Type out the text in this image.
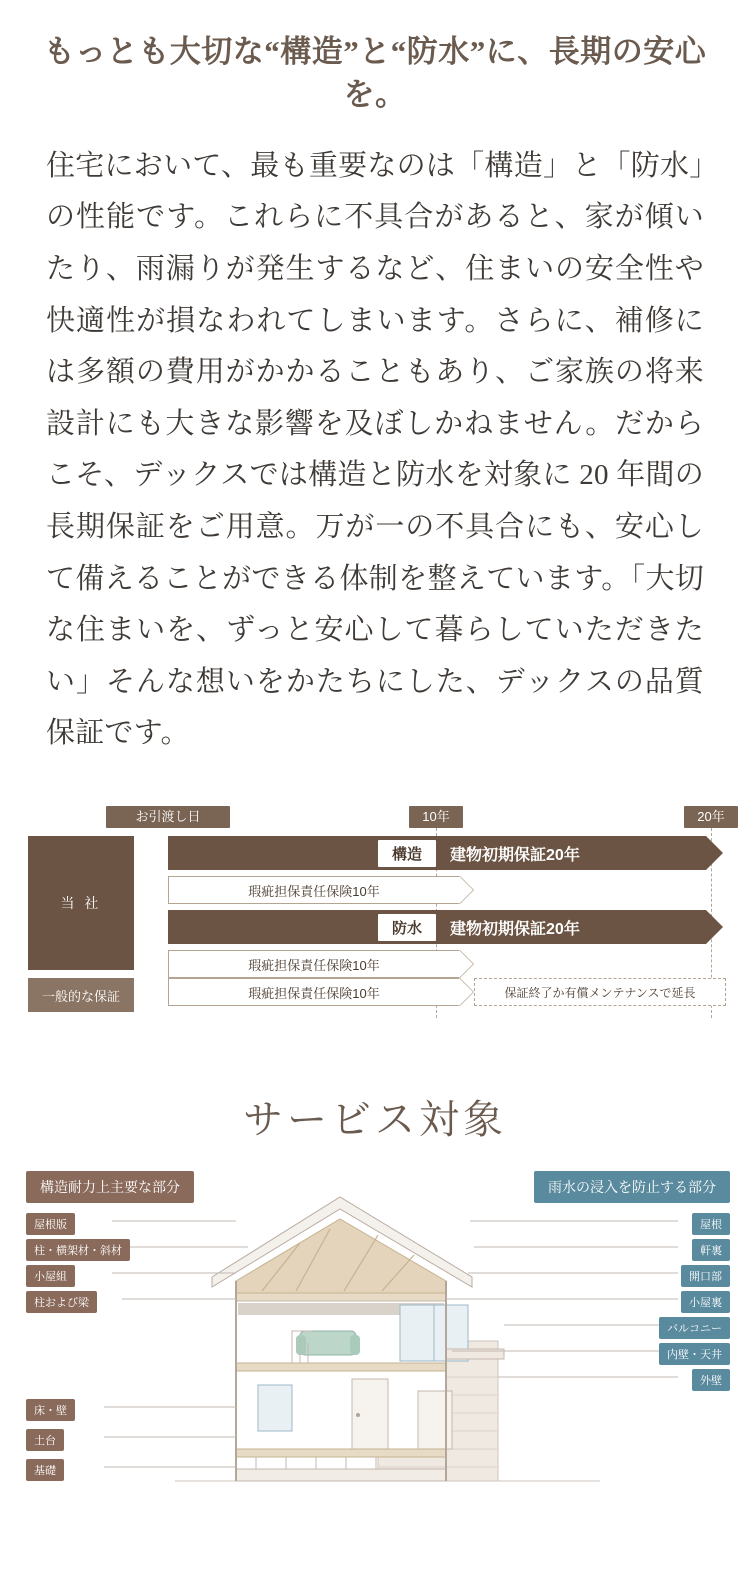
もっとも大切な“構造”と“防水”に、長期の安心を。
住宅において、最も重要なのは「構造」と「防水」の性能です。これらに不具合があると、家が傾いたり、雨漏りが発生するなど、住まいの安全性や快適性が損なわれてしまいます。さらに、補修には多額の費用がかかることもあり、ご家族の将来設計にも大きな影響を及ぼしかねません。だからこそ、デックスでは構造と防水を対象に 20 年間の長期保証をご用意。万が一の不具合にも、安心して備えることができる体制を整えています。「大切な住まいを、ずっと安心して暮らしていただきたい」そんな想いをかたちにした、デックスの品質保証です。
お引渡し日	10年	20年
当 社
一般的な保証
構造	建物初期保証20年
瑕疵担保責任保険10年
防水	建物初期保証20年
瑕疵担保責任保険10年
瑕疵担保責任保険10年	保証終了か有償メンテナンスで延長
サービス対象
構造耐力上主要な部分	雨水の浸入を防止する部分
屋根版
柱・横架材・斜材
小屋組
柱および梁
床・壁
土台
基礎
屋根
軒裏
開口部
小屋裏
バルコニー
内壁・天井
外壁
